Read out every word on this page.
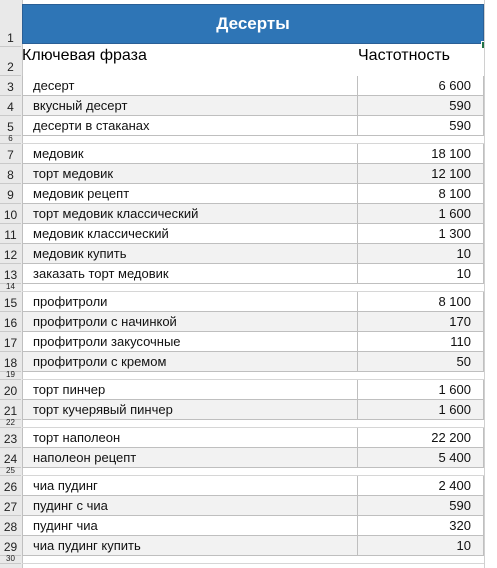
1
Десерты
2
Ключевая фраза	Частотность
3	десерт	6 600
4	вкусный десерт	590
5	десерти в стаканах	590
6
7	медовик	18 100
8	торт медовик	12 100
9	медовик рецепт	8 100
10	торт медовик классический	1 600
11	медовик классический	1 300
12	медовик купить	10
13	заказать торт медовик	10
14
15	профитроли	8 100
16	профитроли с начинкой	170
17	профитроли закусочные	110
18	профитроли с кремом	50
19
20	торт пинчер	1 600
21	торт кучерявый пинчер	1 600
22
23	торт наполеон	22 200
24	наполеон рецепт	5 400
25
26	чиа пудинг	2 400
27	пудинг с чиа	590
28	пудинг чиа	320
29	чиа пудинг купить	10
30
